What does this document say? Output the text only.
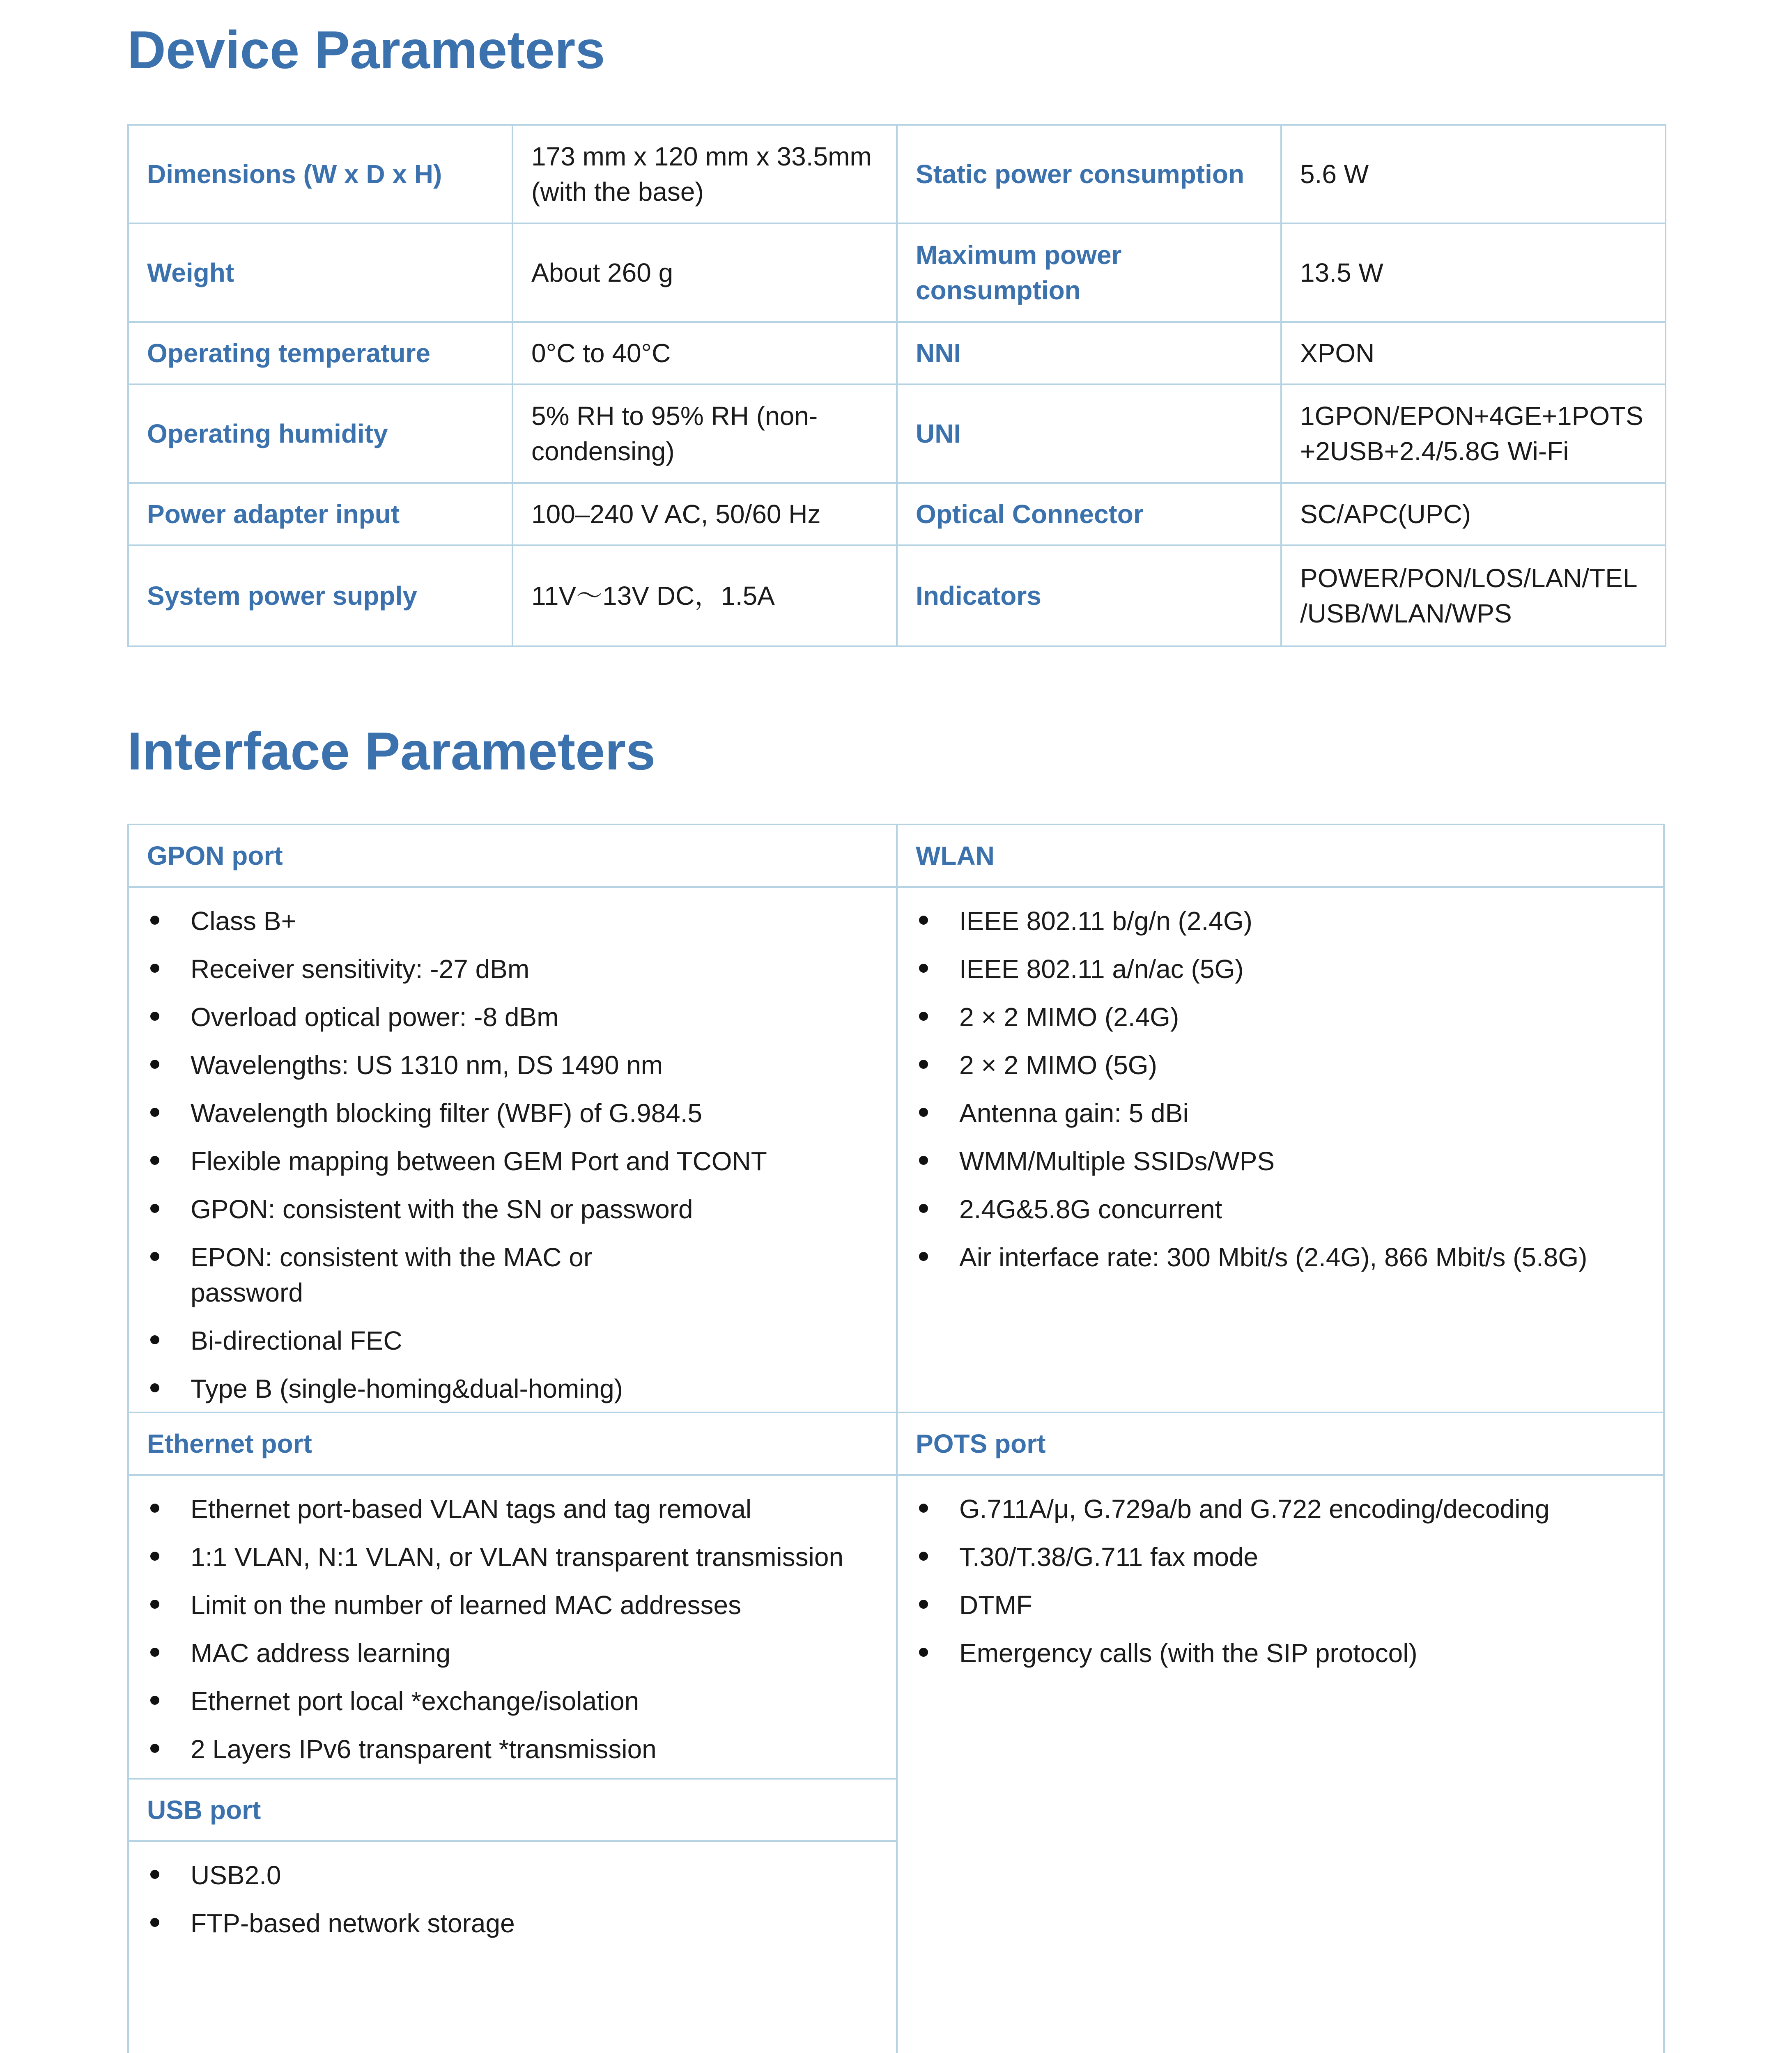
Device Parameters
Dimensions (W x D x H)	173 mm x 120 mm x 33.5mm (with the base)	Static power consumption	5.6 W
Weight	About 260 g	Maximum power consumption	13.5 W
Operating temperature	0°C to 40°C	NNI	XPON
Operating humidity	5% RH to 95% RH (non-condensing)	UNI	1GPON/EPON+4GE+1POTS +2USB+2.4/5.8G Wi-Fi
Power adapter input	100–240 V AC, 50/60 Hz	Optical Connector	SC/APC(UPC)
System power supply	11V～13V DC，1.5A	Indicators	POWER/PON/LOS/LAN/TEL /USB/WLAN/WPS
Interface Parameters
GPON port
Class B+
Receiver sensitivity: -27 dBm
Overload optical power: -8 dBm
Wavelengths: US 1310 nm, DS 1490 nm
Wavelength blocking filter (WBF) of G.984.5
Flexible mapping between GEM Port and TCONT
GPON: consistent with the SN or password
EPON: consistent with the MAC or password
Bi-directional FEC
Type B (single-homing&dual-homing)
WLAN
IEEE 802.11 b/g/n (2.4G)
IEEE 802.11 a/n/ac (5G)
2 × 2 MIMO (2.4G)
2 × 2 MIMO (5G)
Antenna gain: 5 dBi
WMM/Multiple SSIDs/WPS
2.4G&5.8G concurrent
Air interface rate: 300 Mbit/s (2.4G), 866 Mbit/s (5.8G)
Ethernet port
Ethernet port-based VLAN tags and tag removal
1:1 VLAN, N:1 VLAN, or VLAN transparent transmission
Limit on the number of learned MAC addresses
MAC address learning
Ethernet port local *exchange/isolation
2 Layers IPv6 transparent *transmission
POTS port
G.711A/μ, G.729a/b and G.722 encoding/decoding
T.30/T.38/G.711 fax mode
DTMF
Emergency calls (with the SIP protocol)
USB port
USB2.0
FTP-based network storage
